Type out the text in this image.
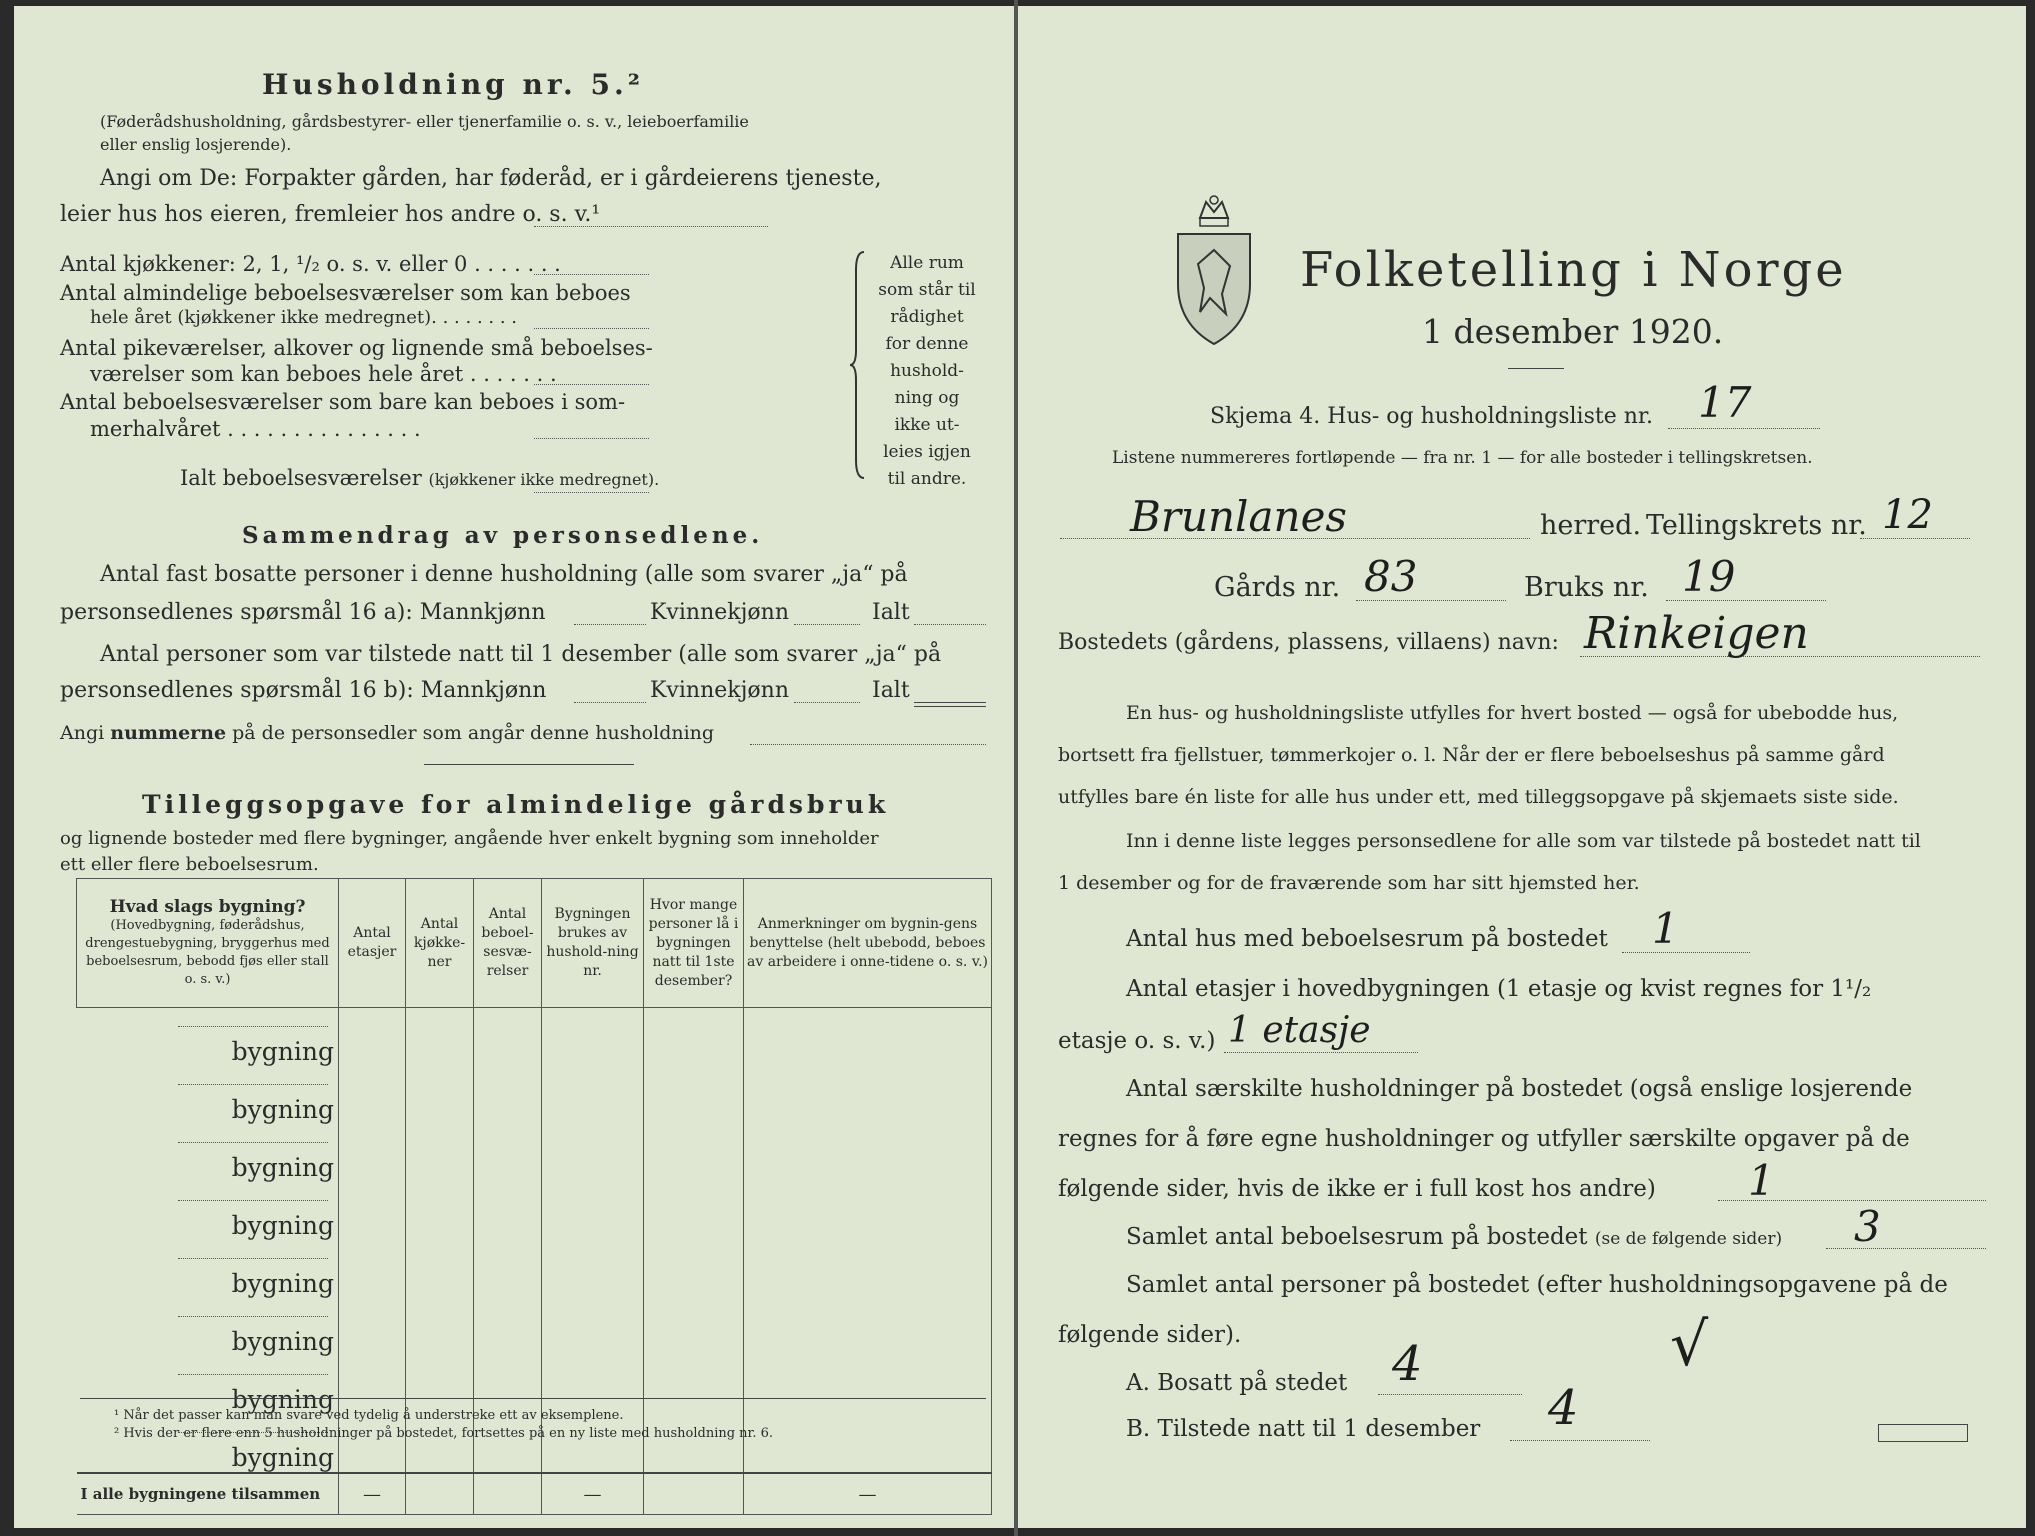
Husholdning nr. 5.²
(Føderådshusholdning, gårdsbestyrer- eller tjenerfamilie o. s. v., leieboerfamilie eller enslig losjerende).
Angi om De: Forpakter gården, har føderåd, er i gårdeierens tjeneste,
leier hus hos eieren, fremleier hos andre o. s. v.¹
Antal kjøkkener: 2, 1, ¹/₂ o. s. v. eller 0 . . . . . . .
Antal almindelige beboelsesværelser som kan beboes
hele året (kjøkkener ikke medregnet). . . . . . . .
Antal pikeværelser, alkover og lignende små beboelses-
værelser som kan beboes hele året . . . . . . .
Antal beboelsesværelser som bare kan beboes i som-
merhalvåret . . . . . . . . . . . . . . .
Ialt beboelsesværelser (kjøkkener ikke medregnet).
Alle rum
som står til
rådighet
for denne
hushold-
ning og
ikke ut-
leies igjen
til andre.
Sammendrag av personsedlene.
Antal fast bosatte personer i denne husholdning (alle som svarer „ja“ på
personsedlenes spørsmål 16 a): Mannkjønn	Kvinnekjønn	Ialt
Antal personer som var tilstede natt til 1 desember (alle som svarer „ja“ på
personsedlenes spørsmål 16 b): Mannkjønn	Kvinnekjønn	Ialt
Angi nummerne på de personsedler som angår denne husholdning
Tilleggsopgave for almindelige gårdsbruk
og lignende bosteder med flere bygninger, angående hver enkelt bygning som inneholder
ett eller flere beboelsesrum.
Hvad slags bygning?
(Hovedbygning, føderådshus, drengestuebygning, bryggerhus med beboelsesrum, bebodd fjøs eller stall o. s. v.)	Antal etasjer	Antal kjøkke-ner	Antal beboel-sesvæ-relser	Bygningen brukes av hushold-ning nr.	Hvor mange personer lå i bygningen natt til 1ste desember?	Anmerkninger om bygnin-gens benyttelse (helt ubebodd, beboes av arbeidere i onne-tidene o. s. v.)
bygning						
bygning						
bygning						
bygning						
bygning						
bygning						
bygning						
bygning						
I alle bygningene tilsammen	—			—		—
¹ Når det passer kan man svare ved tydelig å understreke ett av eksemplene.
² Hvis der er flere enn 5 husholdninger på bostedet, fortsettes på en ny liste med husholdning nr. 6.
Folketelling i Norge
1 desember 1920.
Skjema 4. Hus- og husholdningsliste nr. 17
Listene nummereres fortløpende — fra nr. 1 — for alle bosteder i tellingskretsen.
Brunlanes	herred. Tellingskrets nr. 12
Gårds nr. 83	Bruks nr. 19
Bostedets (gårdens, plassens, villaens) navn: Rinkeigen
En hus- og husholdningsliste utfylles for hvert bosted — også for ubebodde hus,
bortsett fra fjellstuer, tømmerkojer o. l. Når der er flere beboelseshus på samme gård
utfylles bare én liste for alle hus under ett, med tilleggsopgave på skjemaets siste side.
Inn i denne liste legges personsedlene for alle som var tilstede på bostedet natt til
1 desember og for de fraværende som har sitt hjemsted her.
Antal hus med beboelsesrum på bostedet 1
Antal etasjer i hovedbygningen (1 etasje og kvist regnes for 1¹/₂
etasje o. s. v.) 1 etasje
Antal særskilte husholdninger på bostedet (også enslige losjerende
regnes for å føre egne husholdninger og utfyller særskilte opgaver på de
følgende sider, hvis de ikke er i full kost hos andre) 1
Samlet antal beboelsesrum på bostedet (se de følgende sider) 3
Samlet antal personer på bostedet (efter husholdningsopgavene på de
følgende sider).
A. Bosatt på stedet 4	√
B. Tilstede natt til 1 desember 4
